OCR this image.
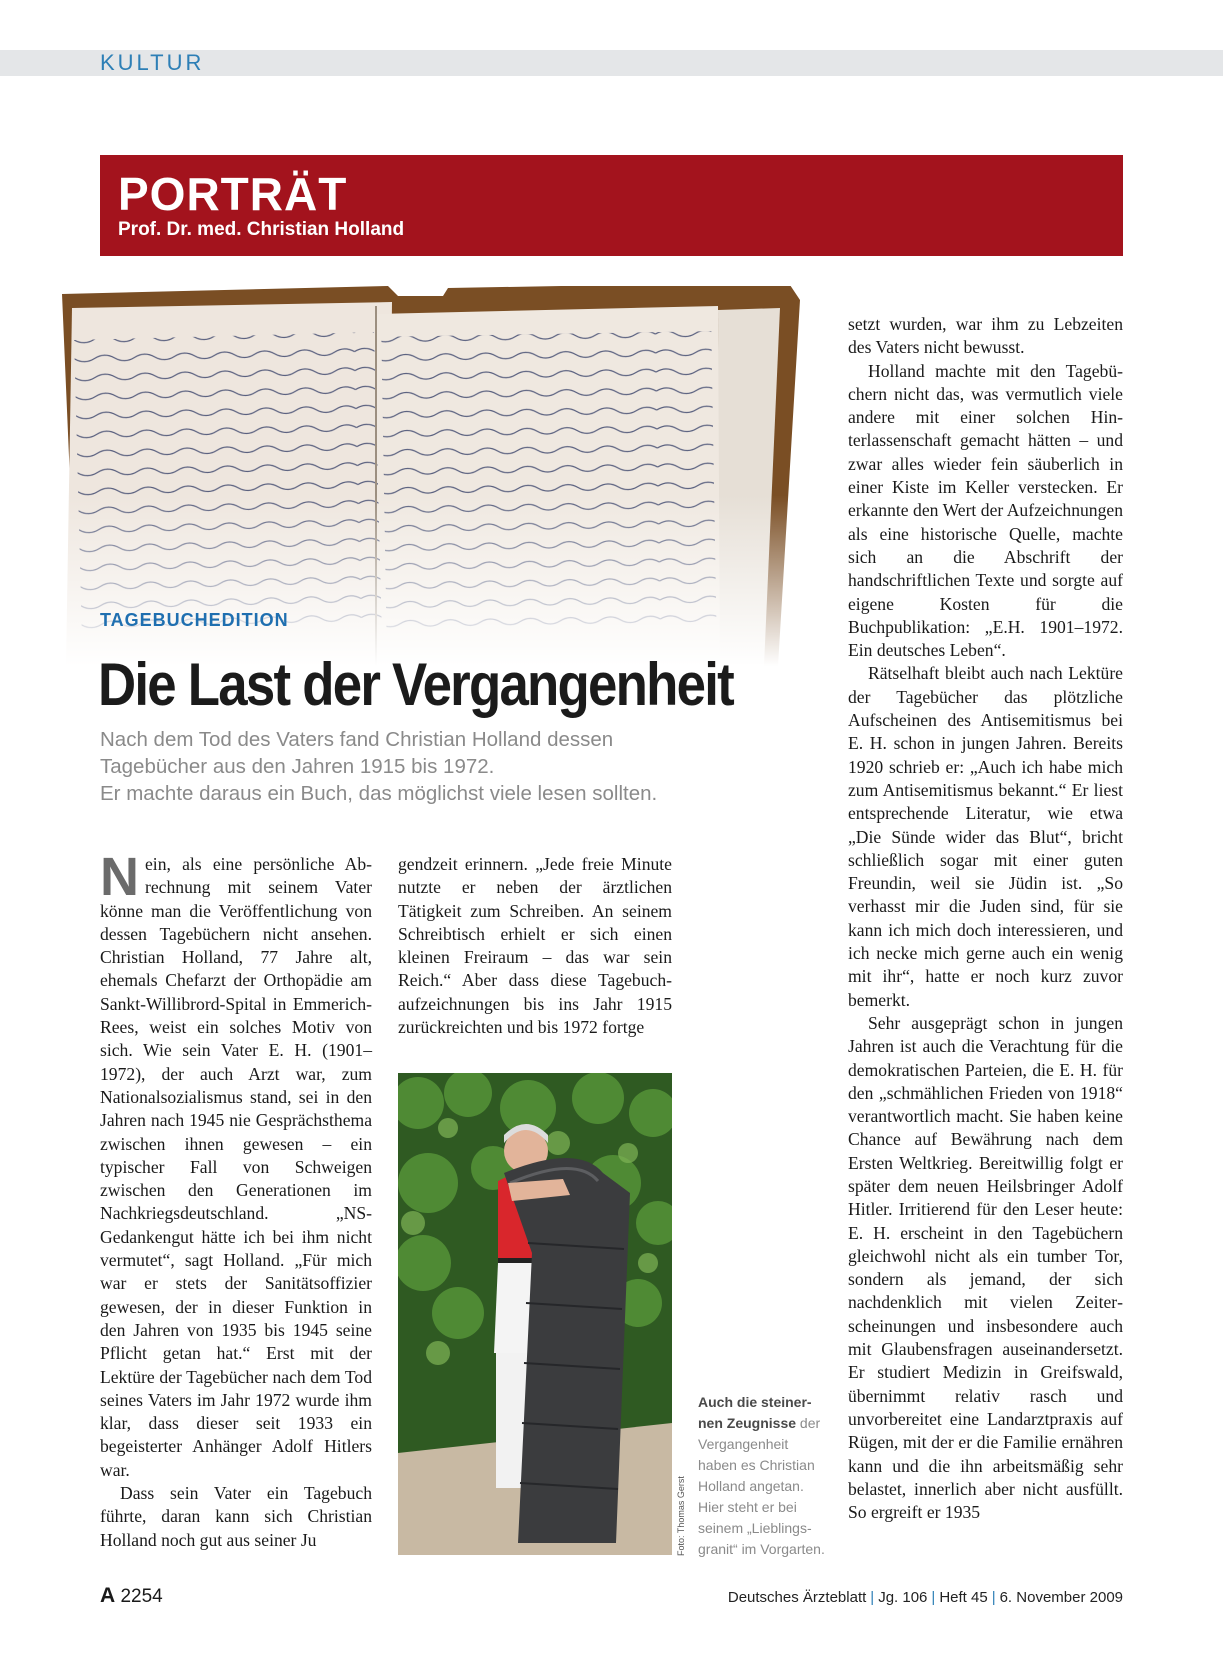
KULTUR
PORTRÄT
Prof. Dr. med. Christian Holland
TAGEBUCHEDITION
Die Last der Vergangenheit

Nach dem Tod des Vaters fand Christian Holland dessen

Tagebücher aus den Jahren 1915 bis 1972.

Er machte daraus ein Buch, das möglichst viele lesen sollten.

Nein, als eine persönliche Abrechnung mit seinem Vater könne man die Veröffentlichung von dessen Tagebüchern nicht ansehen. Christian Holland, 77 Jahre alt, ehemals Chefarzt der Orthopädie am Sankt-Willibrord-Spital in Emmerich-Rees, weist ein solches Motiv von sich. Wie sein Vater E. H. (1901–1972), der auch Arzt war, zum Nationalsozialismus stand, sei in den Jahren nach 1945 nie Gesprächsthema zwischen ihnen gewesen – ein typischer Fall von Schweigen zwischen den Generationen im Nachkriegsdeutschland. „NS-Gedankengut hätte ich bei ihm nicht vermutet“, sagt Holland. „Für mich war er stets der Sanitätsoffizier gewesen, der in dieser Funktion in den Jahren von 1935 bis 1945 seine Pflicht getan hat.“ Erst mit der Lektüre der Tagebücher nach dem Tod seines Vaters im Jahr 1972 wurde ihm klar, dass dieser seit 1933 ein begeisterter Anhänger Adolf Hitlers war.

Dass sein Vater ein Tagebuch führte, daran kann sich Christian Holland noch gut aus seiner Ju

gendzeit erinnern. „Jede freie Minute nutzte er neben der ärztlichen Tätigkeit zum Schreiben. An seinem Schreibtisch erhielt er sich einen kleinen Freiraum – das war sein Reich.“ Aber dass diese Tagebuchaufzeichnungen bis ins Jahr 1915 zurückreichten und bis 1972 fortge

Foto: Thomas Gerst
Auch die steinernen Zeugnisse der Vergangenheit haben es Christian Holland angetan. Hier steht er bei seinem „Lieblingsgranit“ im Vorgarten.

setzt wurden, war ihm zu Lebzeiten des Vaters nicht bewusst.

Holland machte mit den Tagebüchern nicht das, was vermutlich viele andere mit einer solchen Hinterlassenschaft gemacht hätten – und zwar alles wieder fein säuberlich in einer Kiste im Keller verstecken. Er erkannte den Wert der Aufzeichnungen als eine historische Quelle, machte sich an die Abschrift der handschriftlichen Texte und sorgte auf eigene Kosten für die Buchpublikation: „E.H. 1901–1972. Ein deutsches Leben“.

Rätselhaft bleibt auch nach Lektüre der Tagebücher das plötzliche Aufscheinen des Antisemitismus bei E. H. schon in jungen Jahren. Bereits 1920 schrieb er: „Auch ich habe mich zum Antisemitismus bekannt.“ Er liest entsprechende Literatur, wie etwa „Die Sünde wider das Blut“, bricht schließlich sogar mit einer guten Freundin, weil sie Jüdin ist. „So verhasst mir die Juden sind, für sie kann ich mich doch interessieren, und ich necke mich gerne auch ein wenig mit ihr“, hatte er noch kurz zuvor bemerkt.

Sehr ausgeprägt schon in jungen Jahren ist auch die Verachtung für die demokratischen Parteien, die E. H. für den „schmählichen Frieden von 1918“ verantwortlich macht. Sie haben keine Chance auf Bewährung nach dem Ersten Weltkrieg. Bereitwillig folgt er später dem neuen Heilsbringer Adolf Hitler. Irritierend für den Leser heute: E. H. erscheint in den Tagebüchern gleichwohl nicht als ein tumber Tor, sondern als jemand, der sich nachdenklich mit vielen Zeiterscheinungen und insbesondere auch mit Glaubensfragen auseinandersetzt. Er studiert Medizin in Greifswald, übernimmt relativ rasch und unvorbereitet eine Landarztpraxis auf Rügen, mit der er die Familie ernähren kann und die ihn arbeitsmäßig sehr belastet, innerlich aber nicht ausfüllt. So ergreift er 1935

A 2254	Deutsches Ärzteblatt | Jg. 106 | Heft 45 | 6. November 2009
